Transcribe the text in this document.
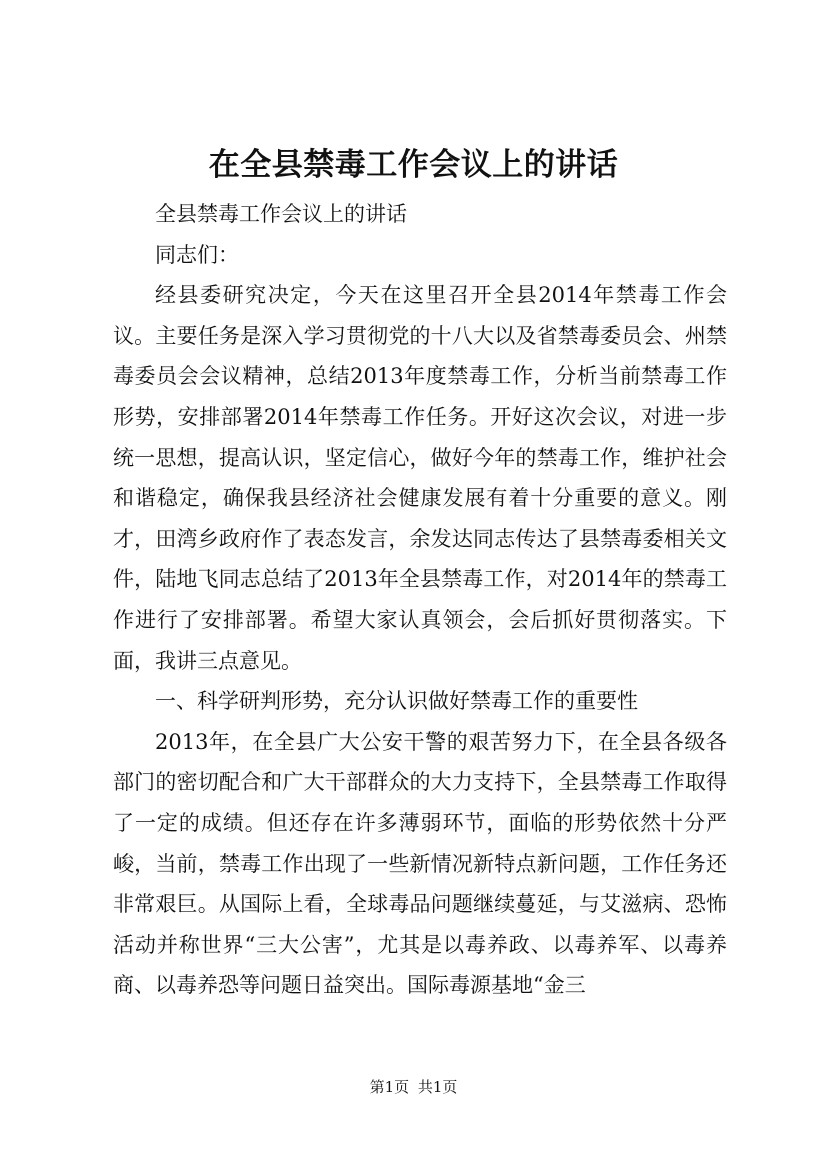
在全县禁毒工作会议上的讲话

全县禁毒工作会议上的讲话

同志们：

经县委研究决定，今天在这里召开全县2014年禁毒工作会议。主要任务是深入学习贯彻党的十八大以及省禁毒委员会、州禁毒委员会会议精神，总结2013年度禁毒工作，分析当前禁毒工作形势，安排部署2014年禁毒工作任务。开好这次会议，对进一步统一思想，提高认识，坚定信心，做好今年的禁毒工作，维护社会和谐稳定，确保我县经济社会健康发展有着十分重要的意义。刚才，田湾乡政府作了表态发言，余发达同志传达了县禁毒委相关文件，陆地飞同志总结了2013年全县禁毒工作，对2014年的禁毒工作进行了安排部署。希望大家认真领会，会后抓好贯彻落实。下面，我讲三点意见。

一、科学研判形势，充分认识做好禁毒工作的重要性

2013年，在全县广大公安干警的艰苦努力下，在全县各级各部门的密切配合和广大干部群众的大力支持下，全县禁毒工作取得了一定的成绩。但还存在许多薄弱环节，面临的形势依然十分严峻，当前，禁毒工作出现了一些新情况新特点新问题，工作任务还非常艰巨。从国际上看，全球毒品问题继续蔓延，与艾滋病、恐怖活动并称世界“三大公害”，尤其是以毒养政、以毒养军、以毒养商、以毒养恐等问题日益突出。国际毒源基地“金三

第1页 共1页
